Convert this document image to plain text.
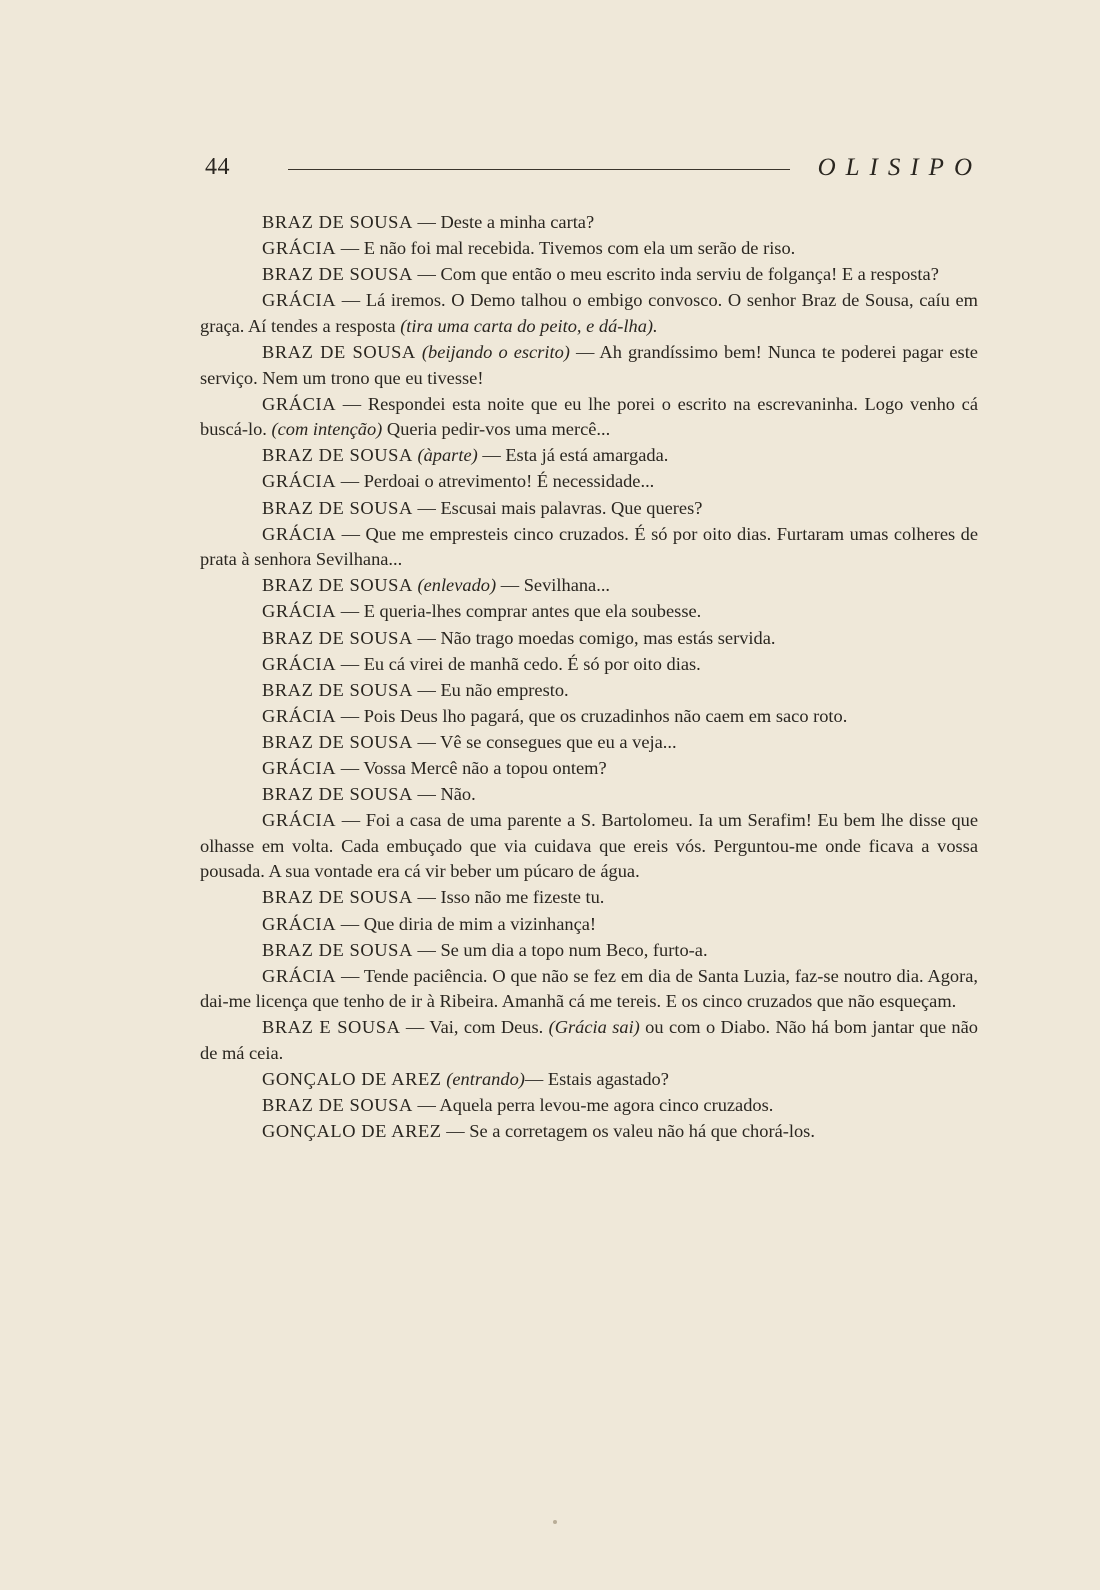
44	OLISIPO

BRAZ DE SOUSA — Deste a minha carta?

GRÁCIA — E não foi mal recebida. Tivemos com ela um serão de riso.

BRAZ DE SOUSA — Com que então o meu escrito inda serviu de folgança! E a resposta?

GRÁCIA — Lá iremos. O Demo talhou o embigo convosco. O senhor Braz de Sousa, caíu em graça. Aí tendes a resposta (tira uma carta do peito, e dá-lha).

BRAZ DE SOUSA (beijando o escrito) — Ah grandíssimo bem! Nunca te poderei pagar este serviço. Nem um trono que eu tivesse!

GRÁCIA — Respondei esta noite que eu lhe porei o escrito na escrevaninha. Logo venho cá buscá-lo. (com intenção) Queria pedir-vos uma mercê...

BRAZ DE SOUSA (àparte) — Esta já está amargada.

GRÁCIA — Perdoai o atrevimento! É necessidade...

BRAZ DE SOUSA — Escusai mais palavras. Que queres?

GRÁCIA — Que me empresteis cinco cruzados. É só por oito dias. Furtaram umas colheres de prata à senhora Sevilhana...

BRAZ DE SOUSA (enlevado) — Sevilhana...

GRÁCIA — E queria-lhes comprar antes que ela soubesse.

BRAZ DE SOUSA — Não trago moedas comigo, mas estás servida.

GRÁCIA — Eu cá virei de manhã cedo. É só por oito dias.

BRAZ DE SOUSA — Eu não empresto.

GRÁCIA — Pois Deus lho pagará, que os cruzadinhos não caem em saco roto.

BRAZ DE SOUSA — Vê se consegues que eu a veja...

GRÁCIA — Vossa Mercê não a topou ontem?

BRAZ DE SOUSA — Não.

GRÁCIA — Foi a casa de uma parente a S. Bartolomeu. Ia um Serafim! Eu bem lhe disse que olhasse em volta. Cada embuçado que via cuidava que ereis vós. Perguntou-me onde ficava a vossa pousada. A sua vontade era cá vir beber um púcaro de água.

BRAZ DE SOUSA — Isso não me fizeste tu.

GRÁCIA — Que diria de mim a vizinhança!

BRAZ DE SOUSA — Se um dia a topo num Beco, furto-a.

GRÁCIA — Tende paciência. O que não se fez em dia de Santa Luzia, faz-se noutro dia. Agora, dai-me licença que tenho de ir à Ribeira. Amanhã cá me tereis. E os cinco cruzados que não esqueçam.

BRAZ E SOUSA — Vai, com Deus. (Grácia sai) ou com o Diabo. Não há bom jantar que não de má ceia.

GONÇALO DE AREZ (entrando)— Estais agastado?

BRAZ DE SOUSA — Aquela perra levou-me agora cinco cruzados.

GONÇALO DE AREZ — Se a corretagem os valeu não há que chorá-los.
